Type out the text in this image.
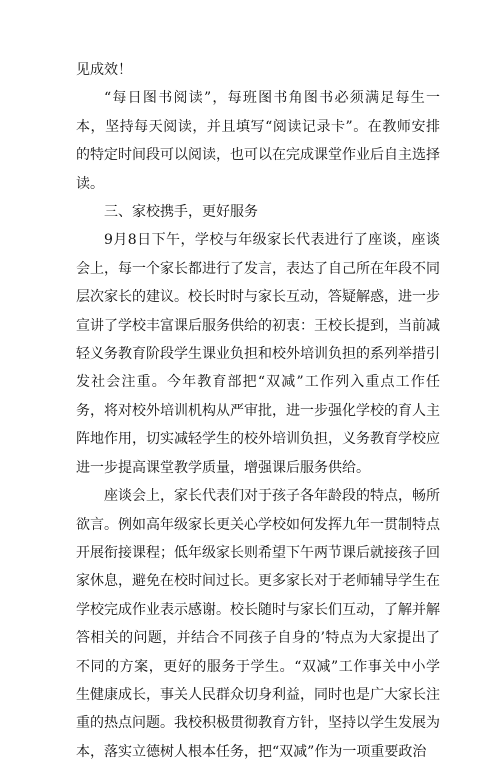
见成效！

“每日图书阅读”，每班图书角图书必须满足每生一本，坚持每天阅读，并且填写“阅读记录卡”。在教师安排的特定时间段可以阅读，也可以在完成课堂作业后自主选择读。

三、家校携手，更好服务

9月8日下午，学校与年级家长代表进行了座谈，座谈会上，每一个家长都进行了发言，表达了自己所在年段不同层次家长的建议。校长时时与家长互动，答疑解惑，进一步宣讲了学校丰富课后服务供给的初衷：王校长提到，当前减轻义务教育阶段学生课业负担和校外培训负担的系列举措引发社会注重。今年教育部把“双减”工作列入重点工作任务，将对校外培训机构从严审批，进一步强化学校的育人主阵地作用，切实减轻学生的校外培训负担，义务教育学校应进一步提高课堂教学质量，增强课后服务供给。

座谈会上，家长代表们对于孩子各年龄段的特点，畅所欲言。例如高年级家长更关心学校如何发挥九年一贯制特点开展衔接课程；低年级家长则希望下午两节课后就接孩子回家休息，避免在校时间过长。更多家长对于老师辅导学生在学校完成作业表示感谢。校长随时与家长们互动，了解并解答相关的问题，并结合不同孩子自身的’特点为大家提出了不同的方案，更好的服务于学生。“双减”工作事关中小学生健康成长，事关人民群众切身利益，同时也是广大家长注重的热点问题。我校积极贯彻教育方针，坚持以学生发展为本，落实立德树人根本任务，把“双减”作为一项重要政治
